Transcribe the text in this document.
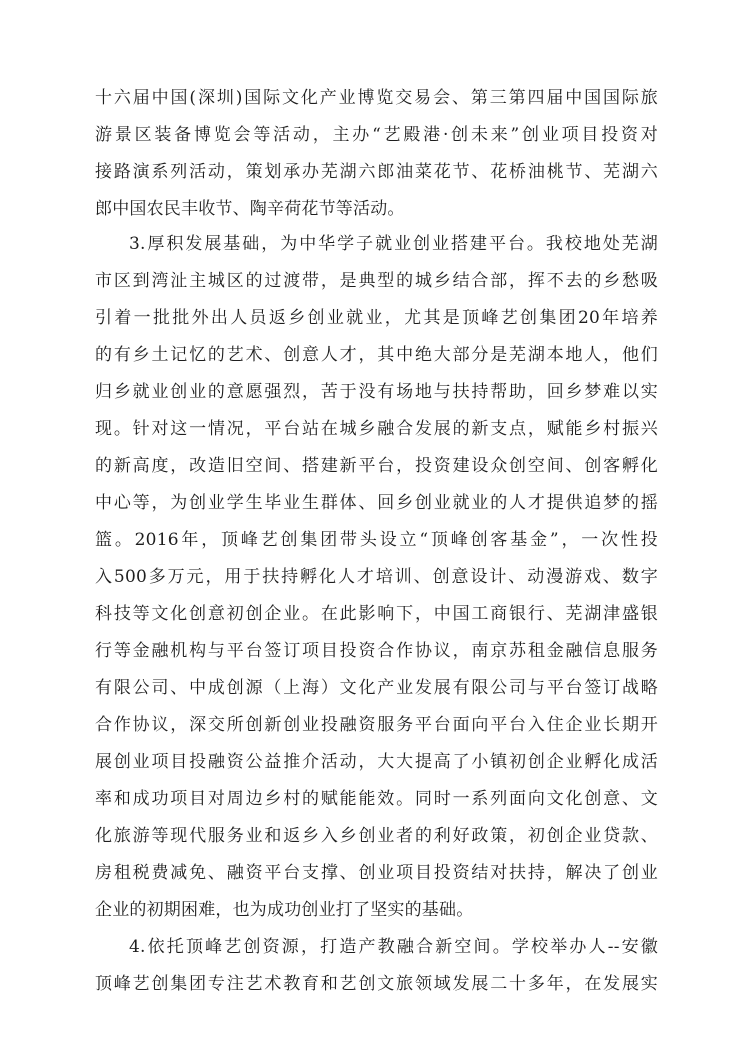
十六届中国(深圳)国际文化产业博览交易会、第三第四届中国国际旅
游景区装备博览会等活动，主办“艺殿港·创未来”创业项目投资对
接路演系列活动，策划承办芜湖六郎油菜花节、花桥油桃节、芜湖六
郎中国农民丰收节、陶辛荷花节等活动。
3.厚积发展基础，为中华学子就业创业搭建平台。我校地处芜湖
市区到湾沚主城区的过渡带，是典型的城乡结合部，挥不去的乡愁吸
引着一批批外出人员返乡创业就业，尤其是顶峰艺创集团20年培养
的有乡土记忆的艺术、创意人才，其中绝大部分是芜湖本地人，他们
归乡就业创业的意愿强烈，苦于没有场地与扶持帮助，回乡梦难以实
现。针对这一情况，平台站在城乡融合发展的新支点，赋能乡村振兴
的新高度，改造旧空间、搭建新平台，投资建设众创空间、创客孵化
中心等，为创业学生毕业生群体、回乡创业就业的人才提供追梦的摇
篮。2016年，顶峰艺创集团带头设立“顶峰创客基金”，一次性投
入500多万元，用于扶持孵化人才培训、创意设计、动漫游戏、数字
科技等文化创意初创企业。在此影响下，中国工商银行、芜湖津盛银
行等金融机构与平台签订项目投资合作协议，南京苏租金融信息服务
有限公司、中成创源（上海）文化产业发展有限公司与平台签订战略
合作协议，深交所创新创业投融资服务平台面向平台入住企业长期开
展创业项目投融资公益推介活动，大大提高了小镇初创企业孵化成活
率和成功项目对周边乡村的赋能能效。同时一系列面向文化创意、文
化旅游等现代服务业和返乡入乡创业者的利好政策，初创企业贷款、
房租税费减免、融资平台支撑、创业项目投资结对扶持，解决了创业
企业的初期困难，也为成功创业打了坚实的基础。
4.依托顶峰艺创资源，打造产教融合新空间。学校举办人--安徽
顶峰艺创集团专注艺术教育和艺创文旅领域发展二十多年，在发展实
